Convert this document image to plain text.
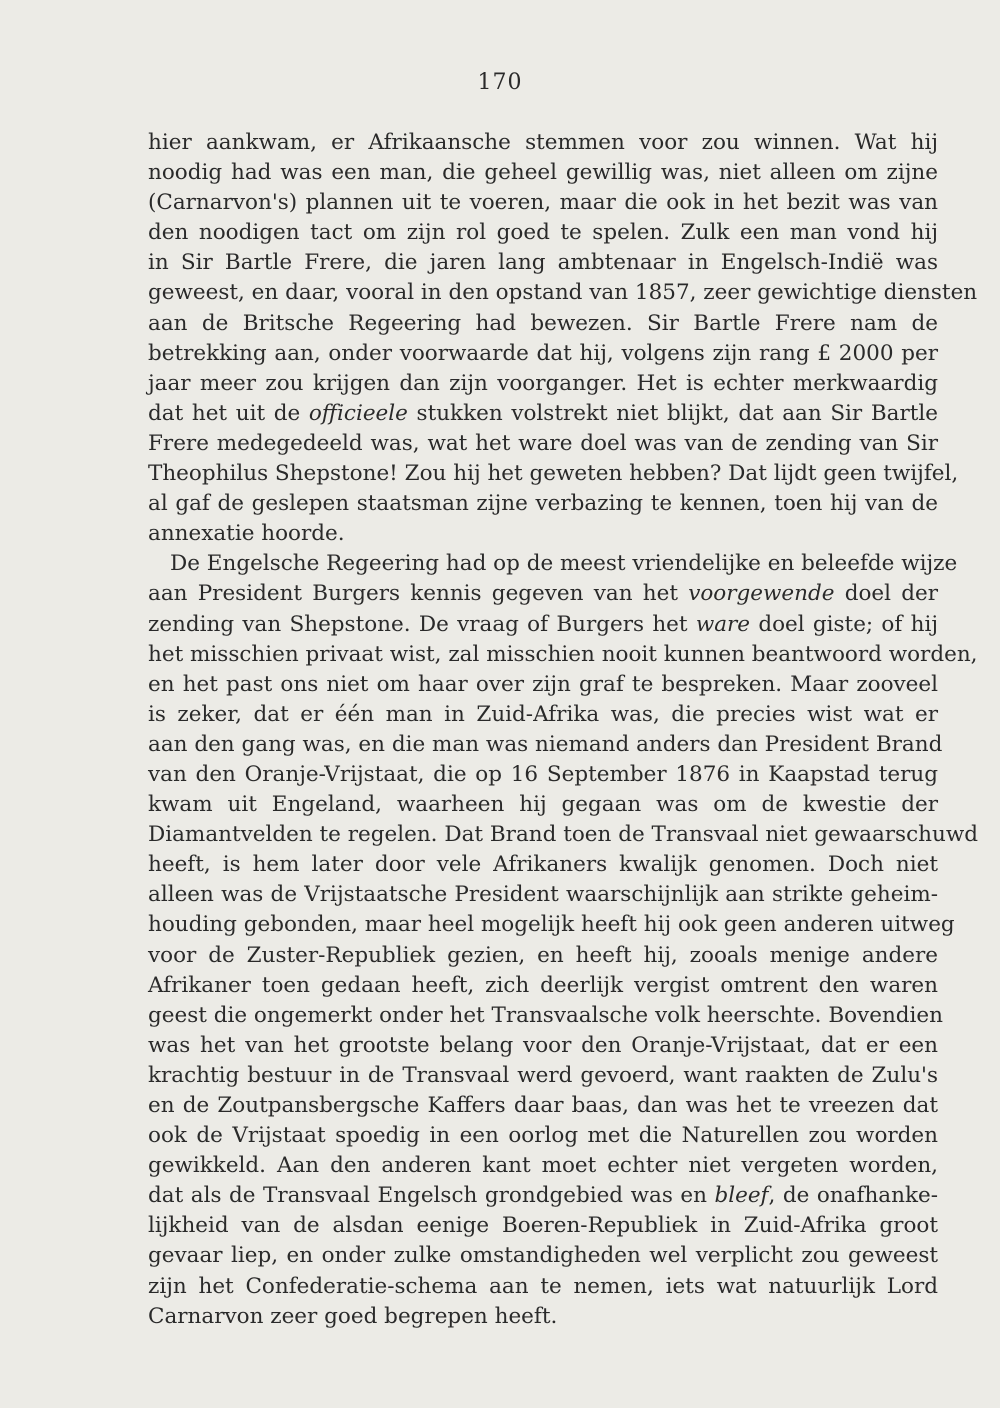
170
hier aankwam, er Afrikaansche stemmen voor zou winnen. Wat hij
noodig had was een man, die geheel gewillig was, niet alleen om zijne
(Carnarvon's) plannen uit te voeren, maar die ook in het bezit was van
den noodigen tact om zijn rol goed te spelen. Zulk een man vond hij
in Sir Bartle Frere, die jaren lang ambtenaar in Engelsch-Indië was
geweest, en daar, vooral in den opstand van 1857, zeer gewichtige diensten
aan de Britsche Regeering had bewezen. Sir Bartle Frere nam de
betrekking aan, onder voorwaarde dat hij, volgens zijn rang £ 2000 per
jaar meer zou krijgen dan zijn voorganger. Het is echter merkwaardig
dat het uit de officieele stukken volstrekt niet blijkt, dat aan Sir Bartle
Frere medegedeeld was, wat het ware doel was van de zending van Sir
Theophilus Shepstone! Zou hij het geweten hebben? Dat lijdt geen twijfel,
al gaf de geslepen staatsman zijne verbazing te kennen, toen hij van de
annexatie hoorde.
De Engelsche Regeering had op de meest vriendelijke en beleefde wijze
aan President Burgers kennis gegeven van het voorgewende doel der
zending van Shepstone. De vraag of Burgers het ware doel giste; of hij
het misschien privaat wist, zal misschien nooit kunnen beantwoord worden,
en het past ons niet om haar over zijn graf te bespreken. Maar zooveel
is zeker, dat er één man in Zuid-Afrika was, die precies wist wat er
aan den gang was, en die man was niemand anders dan President Brand
van den Oranje-Vrijstaat, die op 16 September 1876 in Kaapstad terug
kwam uit Engeland, waarheen hij gegaan was om de kwestie der
Diamantvelden te regelen. Dat Brand toen de Transvaal niet gewaarschuwd
heeft, is hem later door vele Afrikaners kwalijk genomen. Doch niet
alleen was de Vrijstaatsche President waarschijnlijk aan strikte geheim-
houding gebonden, maar heel mogelijk heeft hij ook geen anderen uitweg
voor de Zuster-Republiek gezien, en heeft hij, zooals menige andere
Afrikaner toen gedaan heeft, zich deerlijk vergist omtrent den waren
geest die ongemerkt onder het Transvaalsche volk heerschte. Bovendien
was het van het grootste belang voor den Oranje-Vrijstaat, dat er een
krachtig bestuur in de Transvaal werd gevoerd, want raakten de Zulu's
en de Zoutpansbergsche Kaffers daar baas, dan was het te vreezen dat
ook de Vrijstaat spoedig in een oorlog met die Naturellen zou worden
gewikkeld. Aan den anderen kant moet echter niet vergeten worden,
dat als de Transvaal Engelsch grondgebied was en bleef, de onafhanke-
lijkheid van de alsdan eenige Boeren-Republiek in Zuid-Afrika groot
gevaar liep, en onder zulke omstandigheden wel verplicht zou geweest
zijn het Confederatie-schema aan te nemen, iets wat natuurlijk Lord
Carnarvon zeer goed begrepen heeft.
